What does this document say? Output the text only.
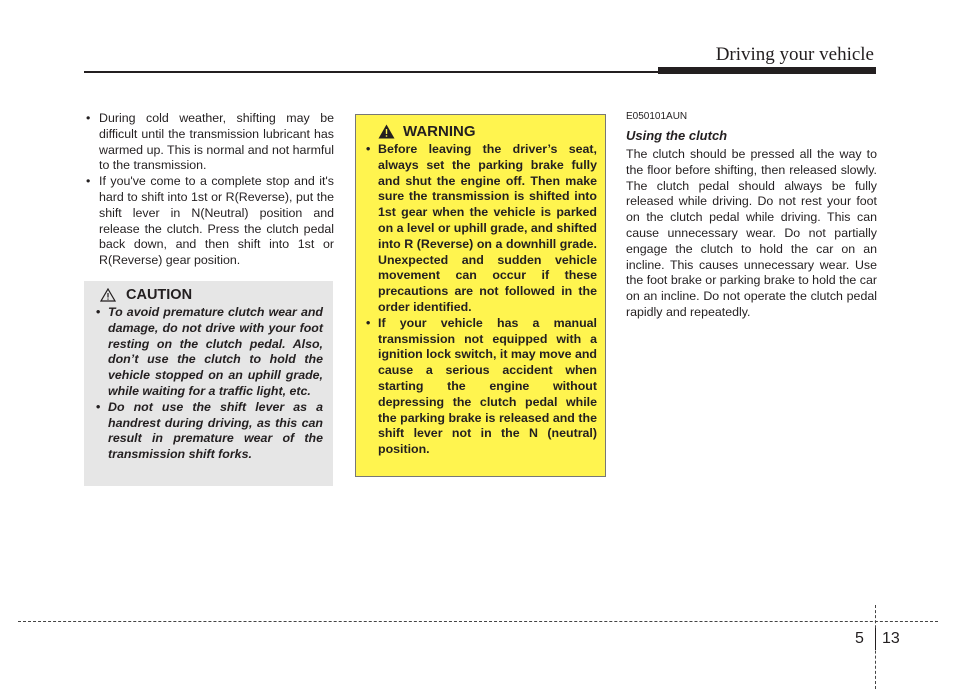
Driving your vehicle
• During cold weather, shifting may be difficult until the transmission lubricant has warmed up. This is normal and not harmful to the transmission.
• If you've come to a complete stop and it's hard to shift into 1st or R(Reverse), put the shift lever in N(Neutral) position and release the clutch. Press the clutch pedal back down, and then shift into 1st or R(Reverse) gear position.
CAUTION
• To avoid premature clutch wear and damage, do not drive with your foot resting on the clutch pedal. Also, don’t use the clutch to hold the vehicle stopped on an uphill grade, while waiting for a traffic light, etc.
• Do not use the shift lever as a handrest during driving, as this can result in premature wear of the transmission shift forks.
WARNING
• Before leaving the driver’s seat, always set the parking brake fully and shut the engine off. Then make sure the transmission is shifted into 1st gear when the vehicle is parked on a level or uphill grade, and shifted into R (Reverse) on a downhill grade. Unexpected and sudden vehicle movement can occur if these precautions are not followed in the order identified.
• If your vehicle has a manual transmission not equipped with a ignition lock switch, it may move and cause a serious accident when starting the engine without depressing the clutch pedal while the parking brake is released and the shift lever not in the N (neutral) position.
E050101AUN
Using the clutch

The clutch should be pressed all the way to the floor before shifting, then released slowly. The clutch pedal should always be fully released while driving. Do not rest your foot on the clutch pedal while driving. This can cause unnecessary wear. Do not partially engage the clutch to hold the car on an incline. This causes unnecessary wear. Use the foot brake or parking brake to hold the car on an incline. Do not operate the clutch pedal rapidly and repeatedly.

5 13
